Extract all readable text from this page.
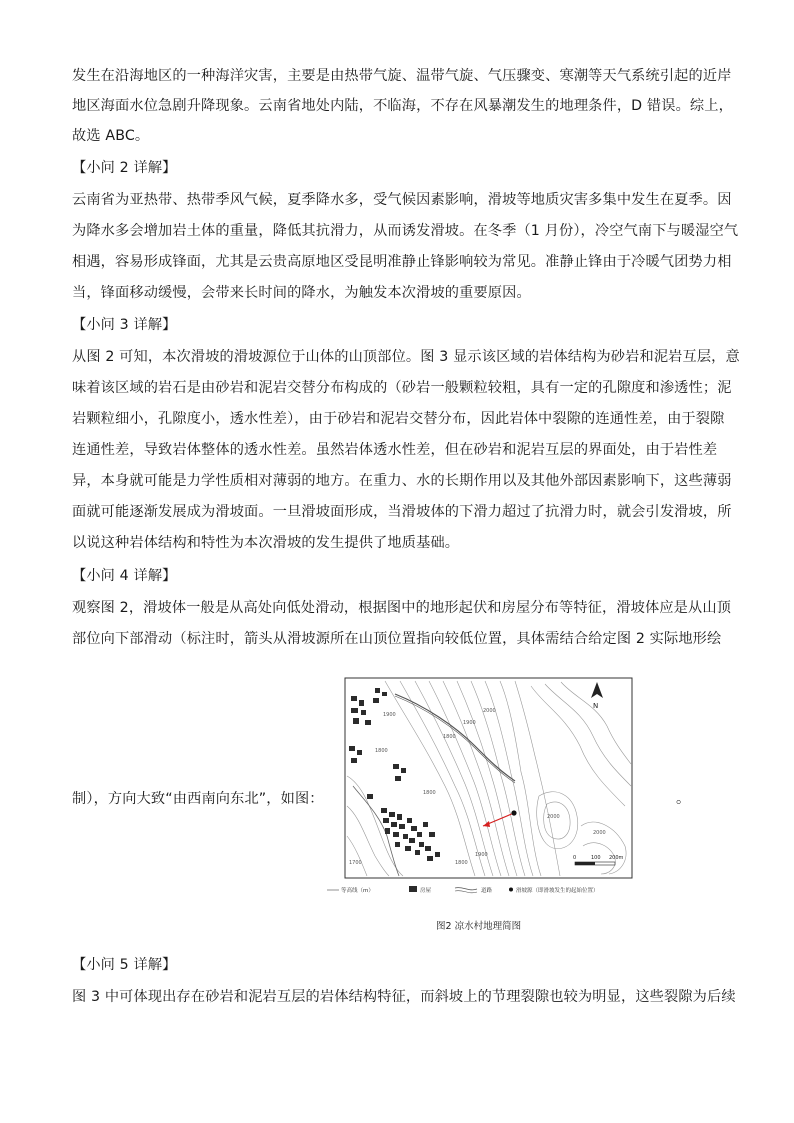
发生在沿海地区的一种海洋灾害，主要是由热带气旋、温带气旋、气压骤变、寒潮等天气系统引起的近岸

地区海面水位急剧升降现象。云南省地处内陆，不临海，不存在风暴潮发生的地理条件，D 错误。综上，

故选 ABC。

【小问 2 详解】

云南省为亚热带、热带季风气候，夏季降水多，受气候因素影响，滑坡等地质灾害多集中发生在夏季。因

为降水多会增加岩土体的重量，降低其抗滑力，从而诱发滑坡。在冬季（1 月份），冷空气南下与暖湿空气

相遇，容易形成锋面，尤其是云贵高原地区受昆明准静止锋影响较为常见。准静止锋由于冷暖气团势力相

当，锋面移动缓慢，会带来长时间的降水，为触发本次滑坡的重要原因。

【小问 3 详解】

从图 2 可知，本次滑坡的滑坡源位于山体的山顶部位。图 3 显示该区域的岩体结构为砂岩和泥岩互层，意

味着该区域的岩石是由砂岩和泥岩交替分布构成的（砂岩一般颗粒较粗，具有一定的孔隙度和渗透性；泥

岩颗粒细小，孔隙度小，透水性差），由于砂岩和泥岩交替分布，因此岩体中裂隙的连通性差，由于裂隙

连通性差，导致岩体整体的透水性差。虽然岩体透水性差，但在砂岩和泥岩互层的界面处，由于岩性差

异，本身就可能是力学性质相对薄弱的地方。在重力、水的长期作用以及其他外部因素影响下，这些薄弱

面就可能逐渐发展成为滑坡面。一旦滑坡面形成，当滑坡体的下滑力超过了抗滑力时，就会引发滑坡，所

以说这种岩体结构和特性为本次滑坡的发生提供了地质基础。

【小问 4 详解】

观察图 2，滑坡体一般是从高处向低处滑动，根据图中的地形起伏和房屋分布等特征，滑坡体应是从山顶

部位向下部滑动（标注时，箭头从滑坡源所在山顶位置指向较低位置，具体需结合给定图 2 实际地形绘

制），方向大致“由西南向东北”，如图：	。
1900
1800
1800
1900
2000
2000
2000
1900
1800
1700
1800
N
0	100 200m
等高线（m）	房屋	道路	滑坡源（即滑坡发生的起始位置）
图2 凉水村地理简图

【小问 5 详解】

图 3 中可体现出存在砂岩和泥岩互层的岩体结构特征，而斜坡上的节理裂隙也较为明显，这些裂隙为后续
